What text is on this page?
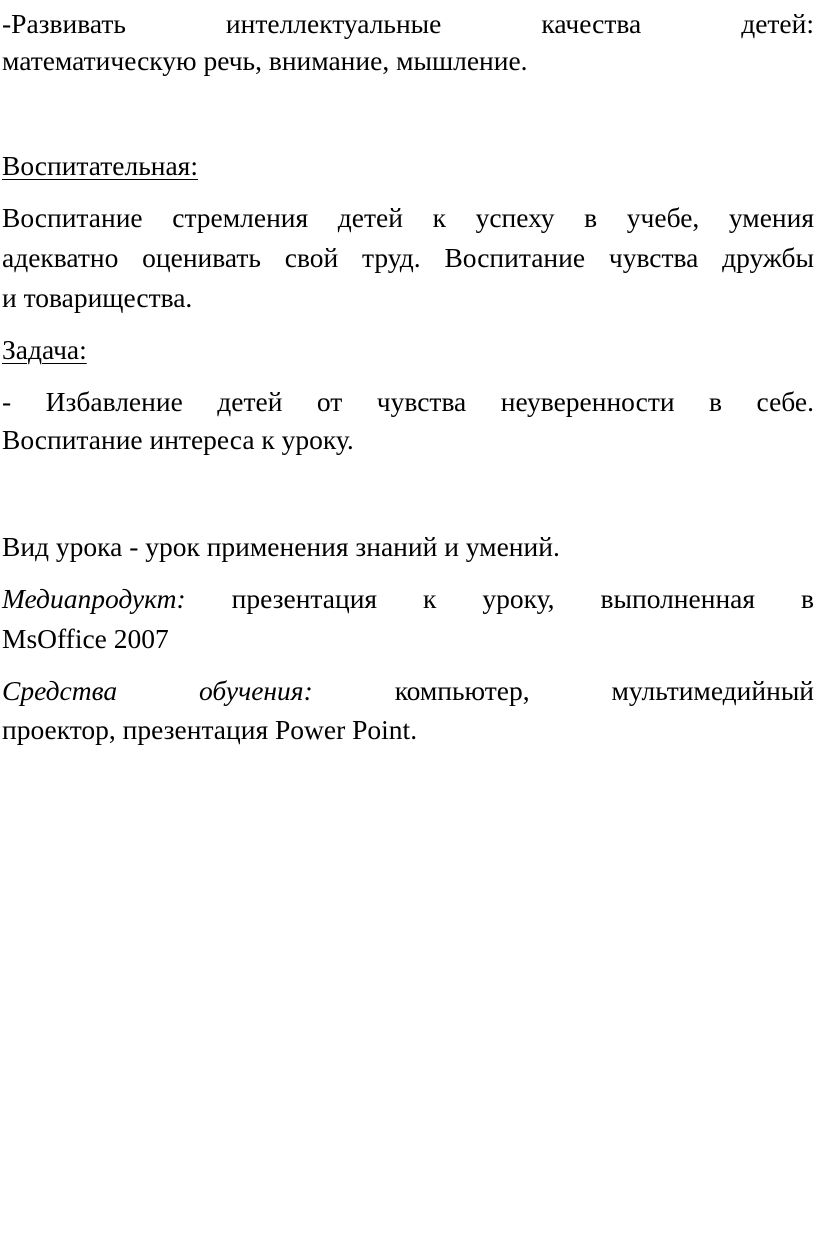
-Развивать интеллектуальные качества детей:
математическую речь, внимание, мышление.
Воспитательная:
Воспитание стремления детей к успеху в учебе, умения
адекватно оценивать свой труд. Воспитание чувства дружбы
и товарищества.
Задача:
- Избавление детей от чувства неуверенности в себе.
Воспитание интереса к уроку.
Вид урока - урок применения знаний и умений.
Медиапродукт: презентация к уроку, выполненная в
MsOffice 2007
Средства обучения: компьютер, мультимедийный
проектор, презентация Power Point.
